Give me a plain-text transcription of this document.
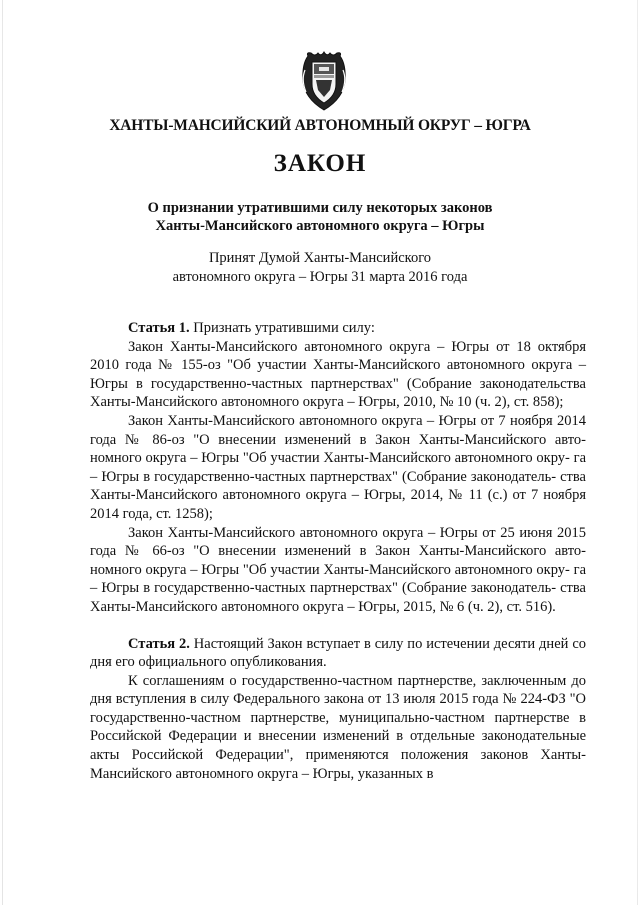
ХАНТЫ-МАНСИЙСКИЙ АВТОНОМНЫЙ ОКРУГ – ЮГРА
ЗАКОН
О признании утратившими силу некоторых законов
Ханты-Мансийского автономного округа – Югры
Принят Думой Ханты-Мансийского
автономного округа – Югры 31 марта 2016 года

Статья 1. Признать утратившими силу:

Закон Ханты-Мансийского автономного округа – Югры от 18 октября 2010 года № 155-оз "Об участии Ханты-Мансийского автономного округа – Югры в государственно-частных партнерствах" (Собрание законодательства Ханты-Мансийского автономного округа – Югры, 2010, № 10 (ч. 2), ст. 858);

Закон Ханты-Мансийского автономного округа – Югры от 7 ноября 2014 года № 86-оз "О внесении изменений в Закон Ханты-Мансийского авто- номного округа – Югры "Об участии Ханты-Мансийского автономного окру- га – Югры в государственно-частных партнерствах" (Собрание законодатель- ства Ханты-Мансийского автономного округа – Югры, 2014, № 11 (с.) от 7 ноября 2014 года, ст. 1258);

Закон Ханты-Мансийского автономного округа – Югры от 25 июня 2015 года № 66-оз "О внесении изменений в Закон Ханты-Мансийского авто- номного округа – Югры "Об участии Ханты-Мансийского автономного окру- га – Югры в государственно-частных партнерствах" (Собрание законодатель- ства Ханты-Мансийского автономного округа – Югры, 2015, № 6 (ч. 2), ст. 516).

Статья 2. Настоящий Закон вступает в силу по истечении десяти дней со дня его официального опубликования.

К соглашениям о государственно-частном партнерстве, заключенным до дня вступления в силу Федерального закона от 13 июля 2015 года № 224-ФЗ "О государственно-частном партнерстве, муниципально-частном партнерстве в Российской Федерации и внесении изменений в отдельные законодательные акты Российской Федерации", применяются положения законов Ханты-Мансийского автономного округа – Югры, указанных в
